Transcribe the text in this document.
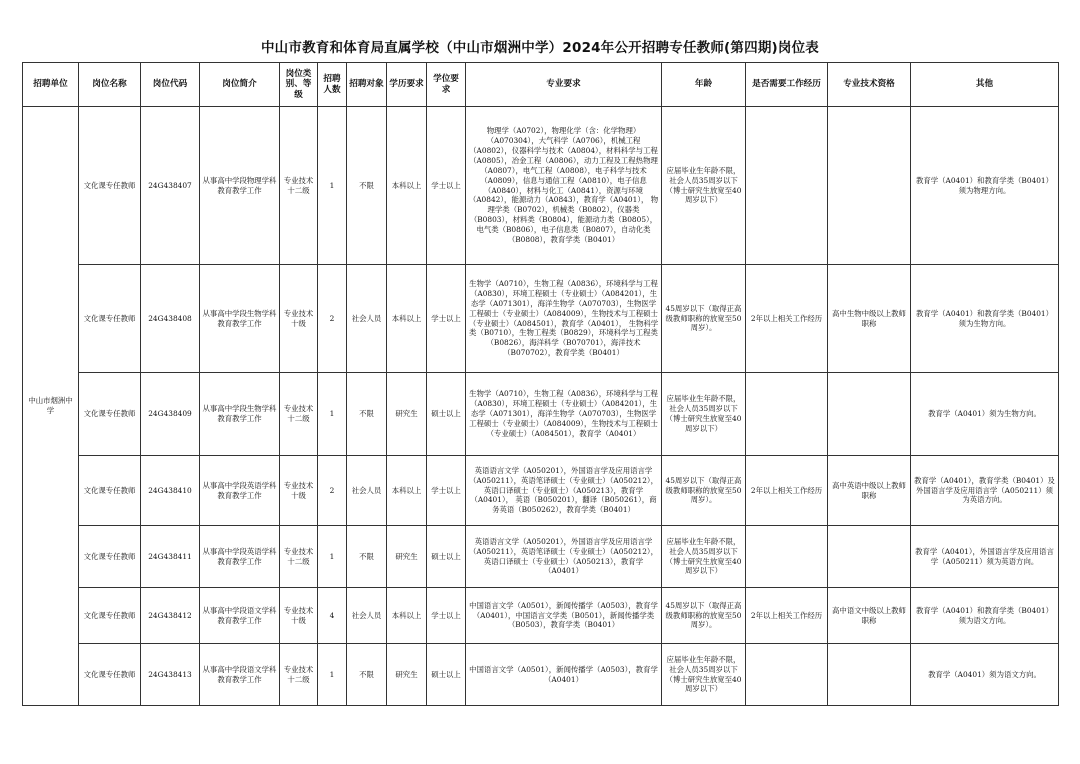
中山市教育和体育局直属学校（中山市烟洲中学）2024年公开招聘专任教师(第四期)岗位表
招聘单位	岗位名称	岗位代码	岗位简介	岗位类别、等级	招聘人数	招聘对象	学历要求	学位要求	专业要求	年龄	是否需要工作经历	专业技术资格	其他
中山市烟洲中学	文化课专任教师	24G438407	从事高中学段物理学科教育教学工作	专业技术十二级	1	不限	本科以上	学士以上	物理学（A0702），物理化学（含：化学物理）（A070304），大气科学（A0706），机械工程（A0802），仪器科学与技术（A0804），材料科学与工程（A0805），冶金工程（A0806），动力工程及工程热物理（A0807），电气工程（A0808），电子科学与技术（A0809），信息与通信工程（A0810），电子信息（A0840），材料与化工（A0841），资源与环境（A0842），能源动力（A0843），教育学（A0401）， 物理学类（B0702），机械类（B0802），仪器类（B0803），材料类（B0804），能源动力类（B0805），电气类（B0806），电子信息类（B0807），自动化类（B0808），教育学类（B0401）	应届毕业生年龄不限，社会人员35周岁以下（博士研究生放宽至40周岁以下）			教育学（A0401）和教育学类（B0401）须为物理方向。
	文化课专任教师	24G438408	从事高中学段生物学科教育教学工作	专业技术十级	2	社会人员	本科以上	学士以上	生物学（A0710），生物工程（A0836），环境科学与工程（A0830），环境工程硕士（专业硕士）（A084201），生态学（A071301），海洋生物学（A070703），生物医学工程硕士（专业硕士）（A084009），生物技术与工程硕士（专业硕士）（A084501），教育学（A0401）， 生物科学类（B0710），生物工程类（B0829），环境科学与工程类（B0826），海洋科学（B070701），海洋技术（B070702），教育学类（B0401）	45周岁以下（取得正高级教师职称的放宽至50周岁）。	2年以上相关工作经历	高中生物中级以上教师职称	教育学（A0401）和教育学类（B0401）须为生物方向。
	文化课专任教师	24G438409	从事高中学段生物学科教育教学工作	专业技术十二级	1	不限	研究生	硕士以上	生物学（A0710），生物工程（A0836），环境科学与工程（A0830），环境工程硕士（专业硕士）（A084201），生态学（A071301），海洋生物学（A070703），生物医学工程硕士（专业硕士）（A084009），生物技术与工程硕士（专业硕士）（A084501），教育学（A0401）	应届毕业生年龄不限，社会人员35周岁以下（博士研究生放宽至40周岁以下）			教育学（A0401）须为生物方向。
	文化课专任教师	24G438410	从事高中学段英语学科教育教学工作	专业技术十级	2	社会人员	本科以上	学士以上	英语语言文学（A050201），外国语言学及应用语言学（A050211），英语笔译硕士（专业硕士）（A050212），英语口译硕士（专业硕士）（A050213），教育学（A0401）， 英语（B050201），翻译（B050261），商务英语（B050262），教育学类（B0401）	45周岁以下（取得正高级教师职称的放宽至50周岁）。	2年以上相关工作经历	高中英语中级以上教师职称	教育学（A0401），教育学类（B0401）及外国语言学及应用语言学（A050211）须为英语方向。
	文化课专任教师	24G438411	从事高中学段英语学科教育教学工作	专业技术十二级	1	不限	研究生	硕士以上	英语语言文学（A050201），外国语言学及应用语言学（A050211），英语笔译硕士（专业硕士）（A050212），英语口译硕士（专业硕士）（A050213），教育学（A0401）	应届毕业生年龄不限，社会人员35周岁以下（博士研究生放宽至40周岁以下）			教育学（A0401），外国语言学及应用语言学（A050211）须为英语方向。
	文化课专任教师	24G438412	从事高中学段语文学科教育教学工作	专业技术十级	4	社会人员	本科以上	学士以上	中国语言文学（A0501），新闻传播学（A0503），教育学（A0401），中国语言文学类（B0501），新闻传播学类（B0503），教育学类（B0401）	45周岁以下（取得正高级教师职称的放宽至50周岁）。	2年以上相关工作经历	高中语文中级以上教师职称	教育学（A0401）和教育学类（B0401）须为语文方向。
	文化课专任教师	24G438413	从事高中学段语文学科教育教学工作	专业技术十二级	1	不限	研究生	硕士以上	中国语言文学（A0501），新闻传播学（A0503），教育学（A0401）	应届毕业生年龄不限，社会人员35周岁以下（博士研究生放宽至40周岁以下）			教育学（A0401）须为语文方向。
